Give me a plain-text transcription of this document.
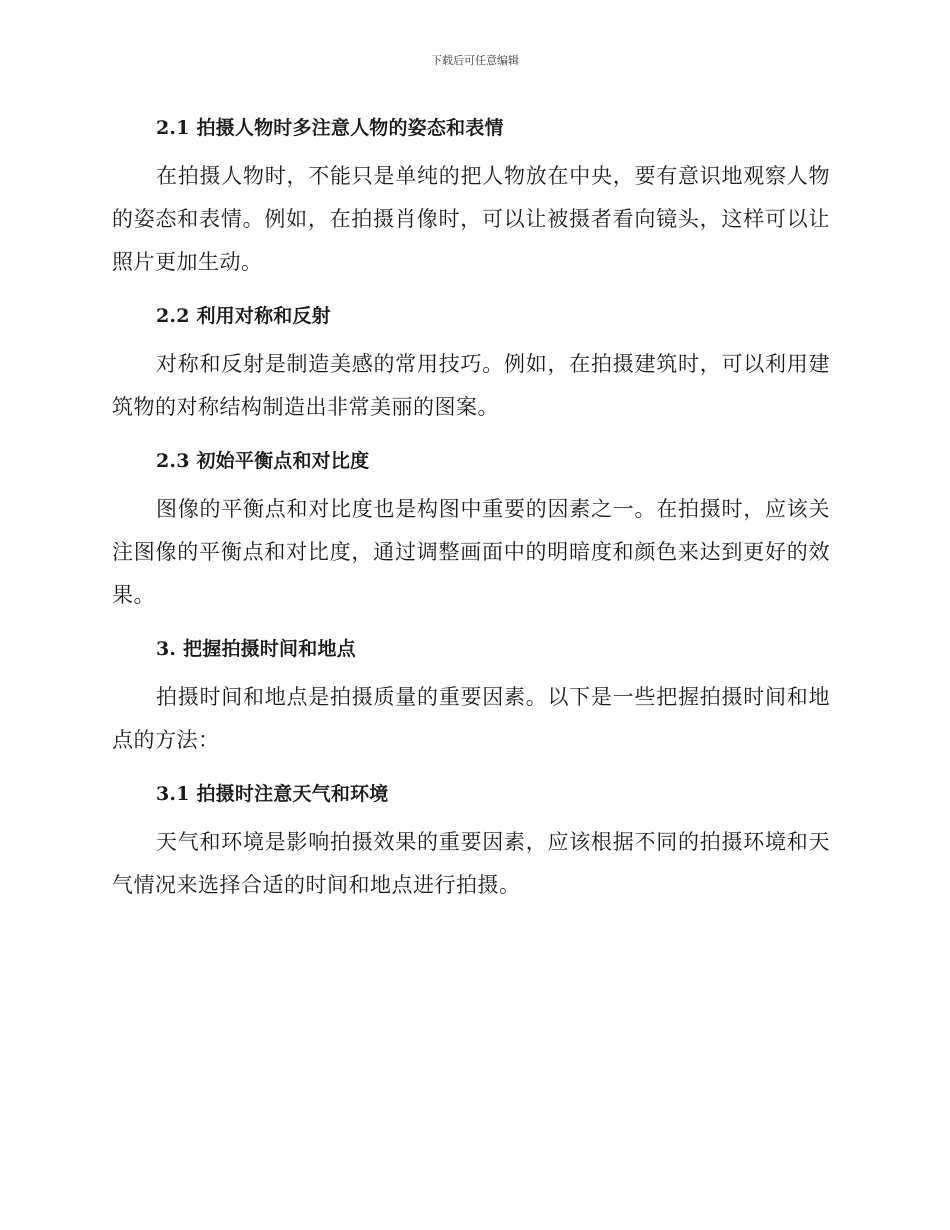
下载后可任意编辑
2.1 拍摄人物时多注意人物的姿态和表情

在拍摄人物时，不能只是单纯的把人物放在中央，要有意识地观察人物的姿态和表情。例如，在拍摄肖像时，可以让被摄者看向镜头，这样可以让照片更加生动。

2.2 利用对称和反射

对称和反射是制造美感的常用技巧。例如，在拍摄建筑时，可以利用建筑物的对称结构制造出非常美丽的图案。

2.3 初始平衡点和对比度

图像的平衡点和对比度也是构图中重要的因素之一。在拍摄时，应该关注图像的平衡点和对比度，通过调整画面中的明暗度和颜色来达到更好的效果。

3. 把握拍摄时间和地点

拍摄时间和地点是拍摄质量的重要因素。以下是一些把握拍摄时间和地点的方法：

3.1 拍摄时注意天气和环境

天气和环境是影响拍摄效果的重要因素，应该根据不同的拍摄环境和天气情况来选择合适的时间和地点进行拍摄。
